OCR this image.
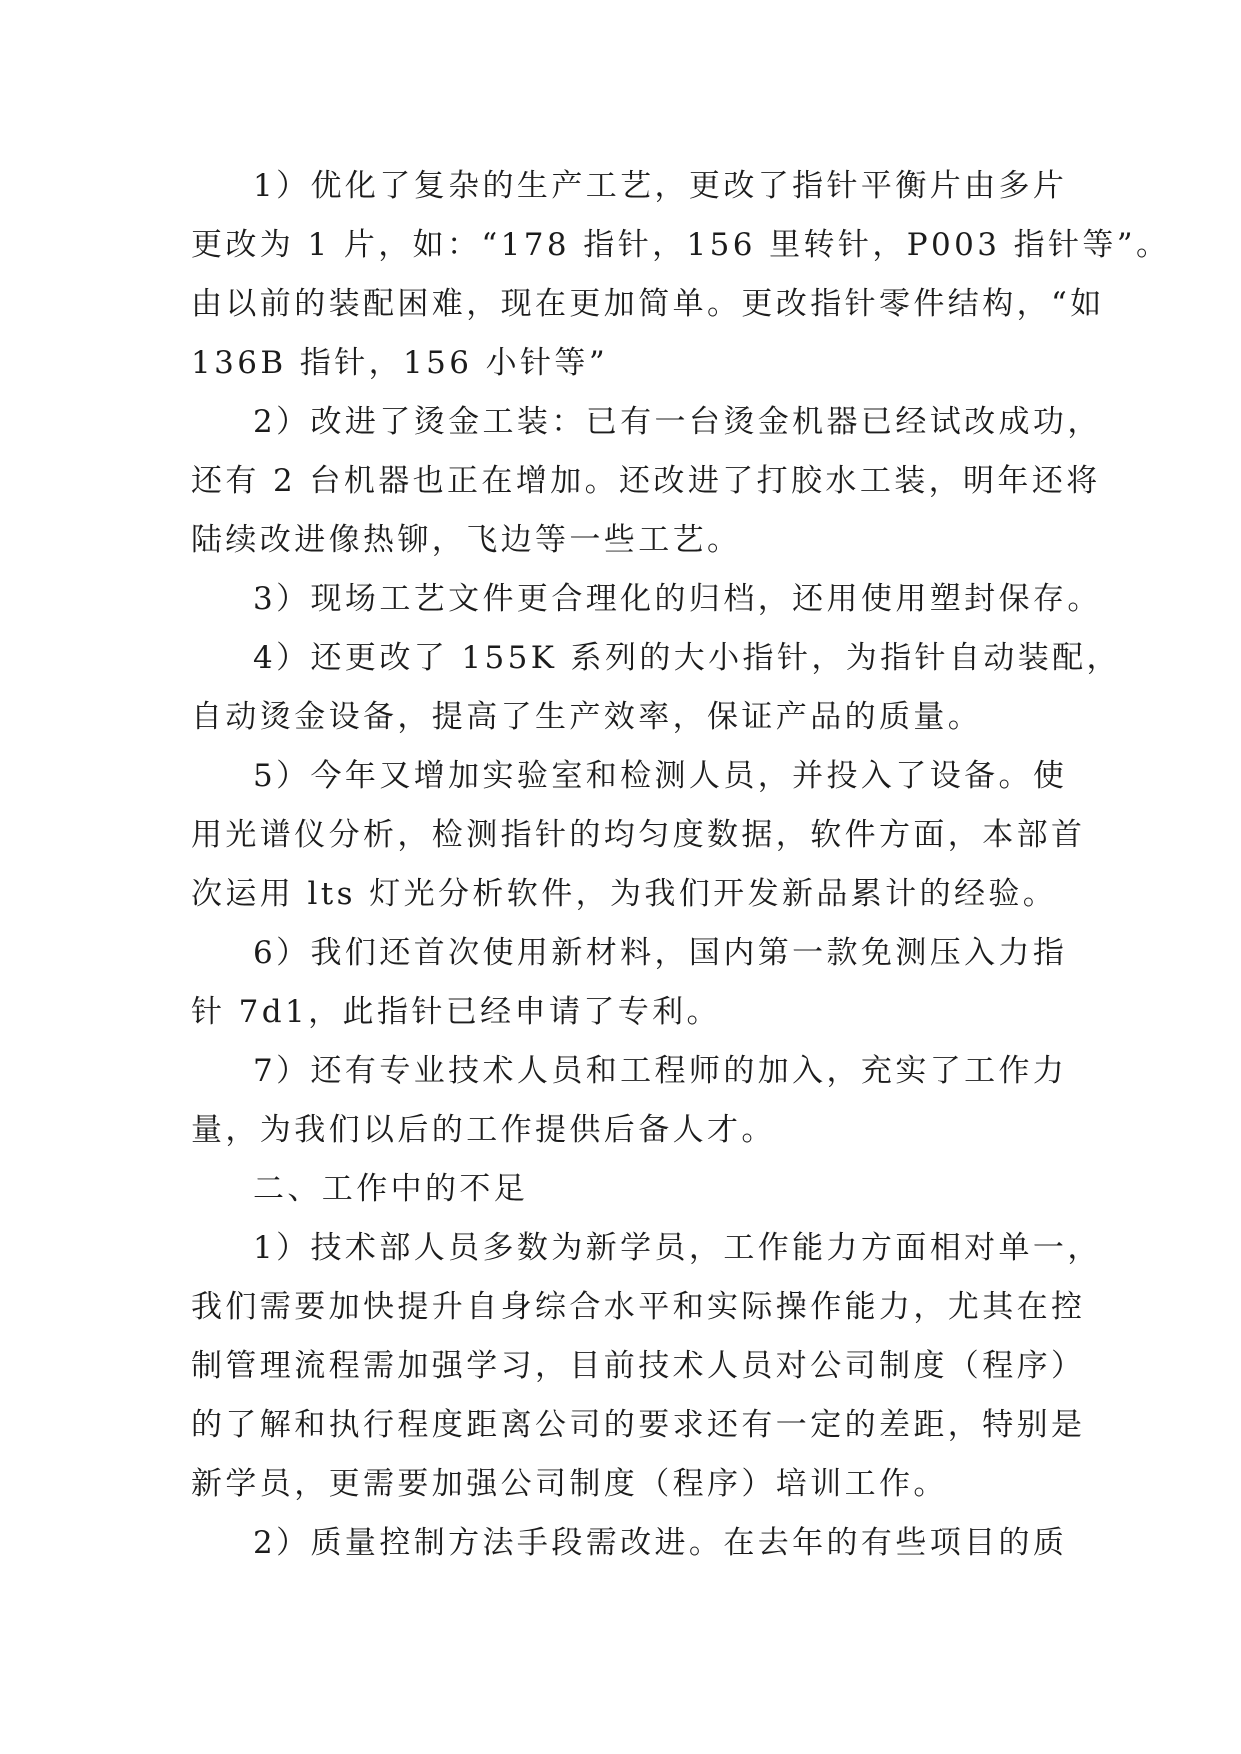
1）优化了复杂的生产工艺，更改了指针平衡片由多片

更改为 1 片，如：“178 指针，156 里转针，P003 指针等”。

由以前的装配困难，现在更加简单。更改指针零件结构，“如

136B 指针，156 小针等”

2）改进了烫金工装：已有一台烫金机器已经试改成功，

还有 2 台机器也正在增加。还改进了打胶水工装，明年还将

陆续改进像热铆，飞边等一些工艺。

3）现场工艺文件更合理化的归档，还用使用塑封保存。

4）还更改了 155K 系列的大小指针，为指针自动装配，

自动烫金设备，提高了生产效率，保证产品的质量。

5）今年又增加实验室和检测人员，并投入了设备。使

用光谱仪分析，检测指针的均匀度数据，软件方面，本部首

次运用 lts 灯光分析软件，为我们开发新品累计的经验。

6）我们还首次使用新材料，国内第一款免测压入力指

针 7d1，此指针已经申请了专利。

7）还有专业技术人员和工程师的加入，充实了工作力

量，为我们以后的工作提供后备人才。

二、工作中的不足

1）技术部人员多数为新学员，工作能力方面相对单一，

我们需要加快提升自身综合水平和实际操作能力，尤其在控

制管理流程需加强学习，目前技术人员对公司制度（程序）

的了解和执行程度距离公司的要求还有一定的差距，特别是

新学员，更需要加强公司制度（程序）培训工作。

2）质量控制方法手段需改进。在去年的有些项目的质
